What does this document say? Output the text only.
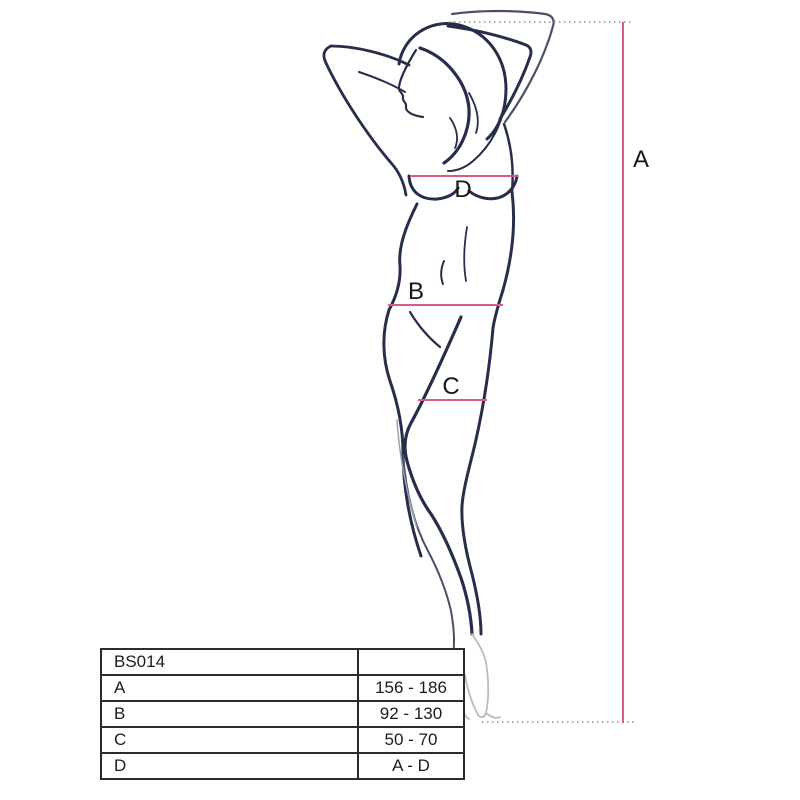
A
B
C
D
BS014	
A	156 - 186
B	92 - 130
C	50 - 70
D	A - D
